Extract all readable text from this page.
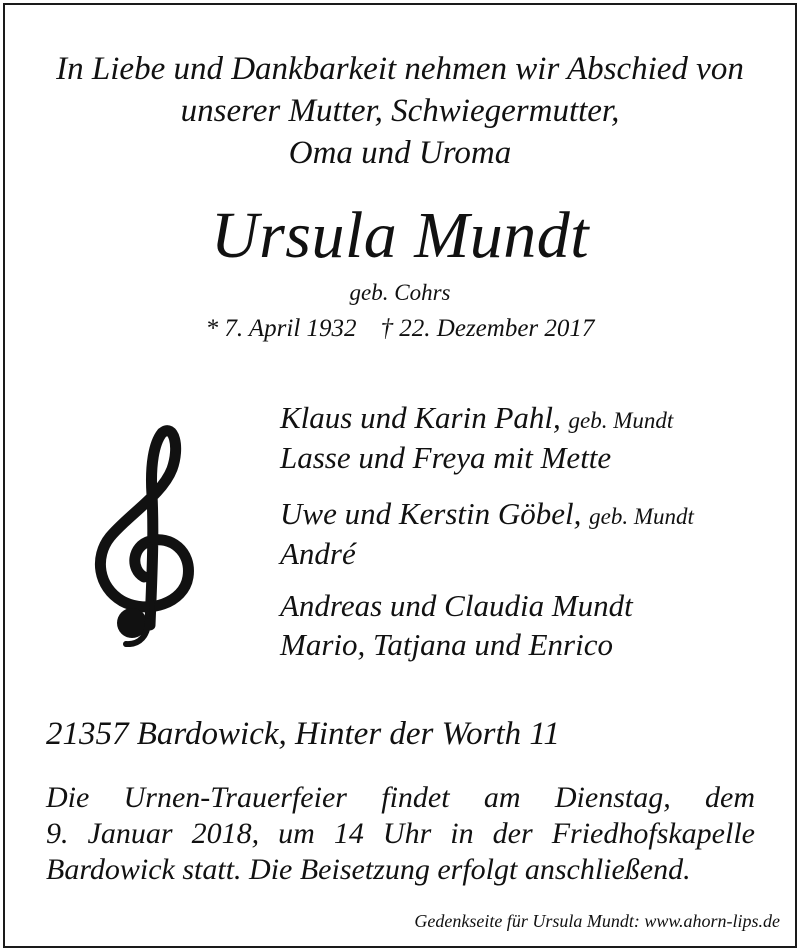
In Liebe und Dankbarkeit nehmen wir Abschied von
unserer Mutter, Schwiegermutter,
Oma und Uroma
Ursula Mundt
geb. Cohrs
* 7. April 1932 † 22. Dezember 2017
Klaus und Karin Pahl, geb. Mundt
Lasse und Freya mit Mette
Uwe und Kerstin Göbel, geb. Mundt
André
Andreas und Claudia Mundt
Mario, Tatjana und Enrico
21357 Bardowick, Hinter der Worth 11
Die Urnen-Trauerfeier findet am Dienstag, dem
9. Januar 2018, um 14 Uhr in der Friedhofskapelle
Bardowick statt. Die Beisetzung erfolgt anschließend.
Gedenkseite für Ursula Mundt: www.ahorn-lips.de
